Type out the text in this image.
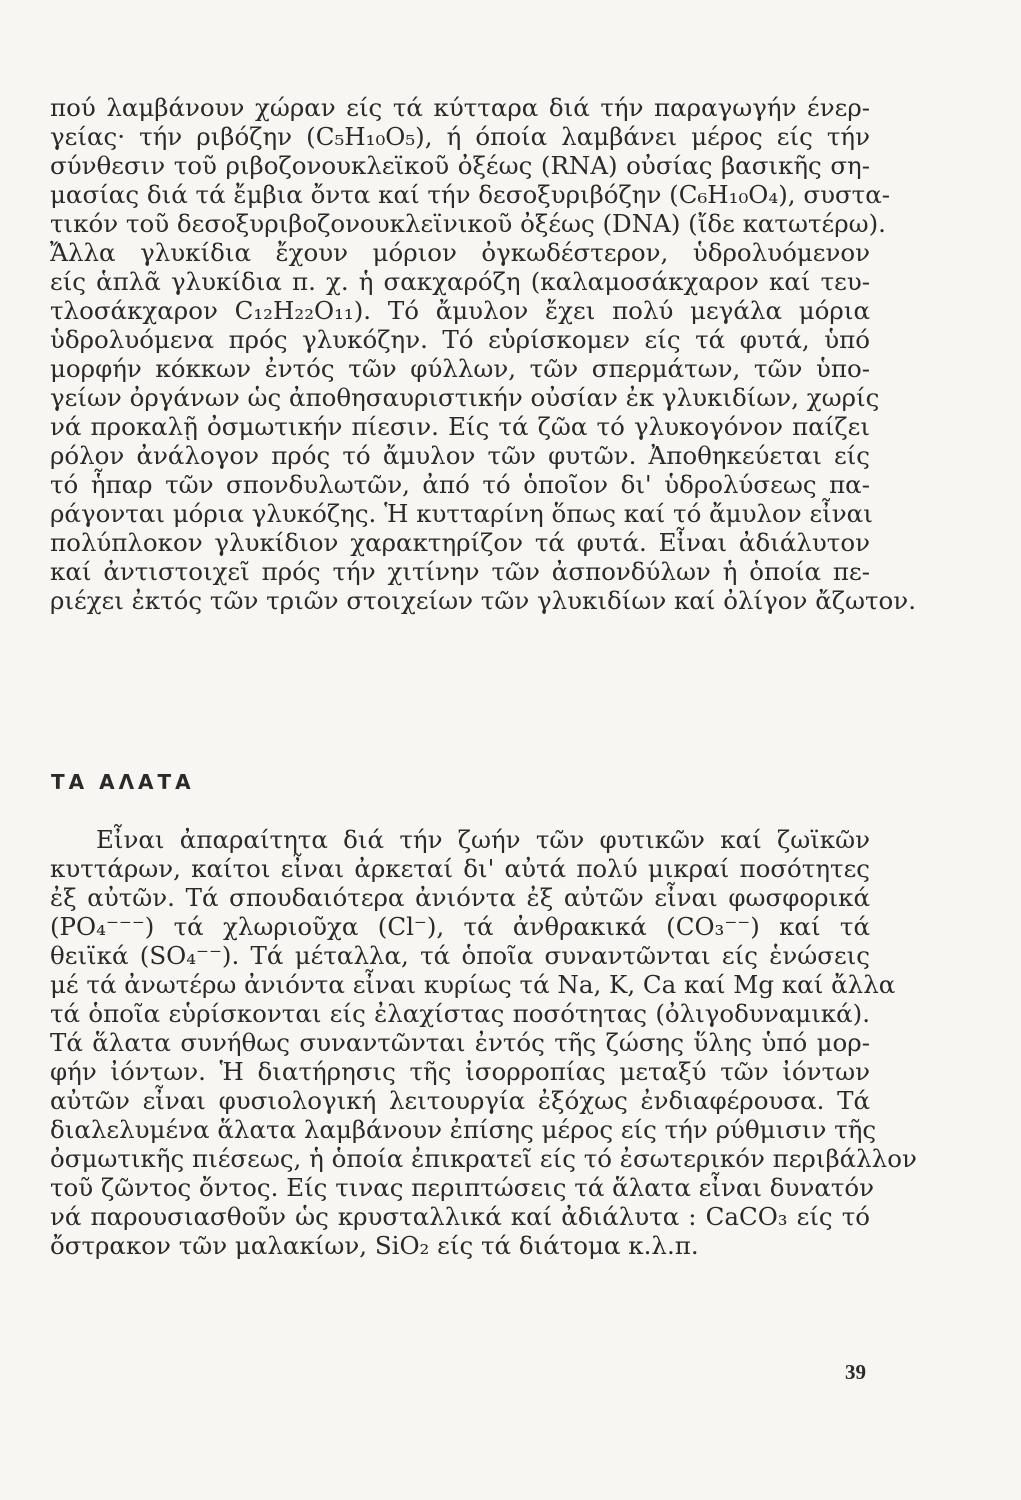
πού λαμβάνουν χώραν είς τά κύτταρα διά τήν παραγωγήν ένερ-
γείας· τήν ριβόζην (C₅H₁₀O₅), ή όποία λαμβάνει μέρος είς τήν
σύνθεσιν τοῦ ριβοζονουκλεϊκοῦ ὀξέως (RNA) οὐσίας βασικῆς ση-
μασίας διά τά ἔμβια ὄντα καί τήν δεσοξυριβόζην (C₆H₁₀O₄), συστα-
τικόν τοῦ δεσοξυριβοζονουκλεϊνικοῦ ὀξέως (DNA) (ἴδε κατωτέρω).
Ἄλλα γλυκίδια ἔχουν μόριον ὀγκωδέστερον, ὑδρολυόμενον
είς ἁπλᾶ γλυκίδια π. χ. ἡ σακχαρόζη (καλαμοσάκχαρον καί τευ-
τλοσάκχαρον C₁₂H₂₂O₁₁). Τό ἄμυλον ἔχει πολύ μεγάλα μόρια
ὑδρολυόμενα πρός γλυκόζην. Τό εὑρίσκομεν είς τά φυτά, ὑπό
μορφήν κόκκων ἐντός τῶν φύλλων, τῶν σπερμάτων, τῶν ὑπο-
γείων ὀργάνων ὡς ἀποθησαυριστικήν οὐσίαν ἐκ γλυκιδίων, χωρίς
νά προκαλῇ ὀσμωτικήν πίεσιν. Είς τά ζῶα τό γλυκογόνον παίζει
ρόλον ἀνάλογον πρός τό ἄμυλον τῶν φυτῶν. Ἀποθηκεύεται είς
τό ἧπαρ τῶν σπονδυλωτῶν, ἀπό τό ὁποῖον δι' ὑδρολύσεως πα-
ράγονται μόρια γλυκόζης. Ἡ κυτταρίνη ὅπως καί τό ἄμυλον εἶναι
πολύπλοκον γλυκίδιον χαρακτηρίζον τά φυτά. Εἶναι ἀδιάλυτον
καί ἀντιστοιχεῖ πρός τήν χιτίνην τῶν ἀσπονδύλων ἡ ὁποία πε-
ριέχει ἐκτός τῶν τριῶν στοιχείων τῶν γλυκιδίων καί ὀλίγον ἄζωτον.
ΤΑ ΑΛΑΤΑ
Εἶναι ἀπαραίτητα διά τήν ζωήν τῶν φυτικῶν καί ζωϊκῶν
κυττάρων, καίτοι εἶναι ἀρκεταί δι' αὐτά πολύ μικραί ποσότητες
ἐξ αὐτῶν. Τά σπουδαιότερα ἀνιόντα ἐξ αὐτῶν εἶναι φωσφορικά
(PO₄⁻⁻⁻) τά χλωριοῦχα (Cl⁻), τά ἀνθρακικά (CO₃⁻⁻) καί τά
θειϊκά (SO₄⁻⁻). Τά μέταλλα, τά ὁποῖα συναντῶνται είς ἑνώσεις
μέ τά ἀνωτέρω ἀνιόντα εἶναι κυρίως τά Na, K, Ca καί Mg καί ἄλλα
τά ὁποῖα εὑρίσκονται είς ἐλαχίστας ποσότητας (ὀλιγοδυναμικά).
Τά ἅλατα συνήθως συναντῶνται ἐντός τῆς ζώσης ὕλης ὑπό μορ-
φήν ἰόντων. Ἡ διατήρησις τῆς ἰσορροπίας μεταξύ τῶν ἰόντων
αὐτῶν εἶναι φυσιολογική λειτουργία ἐξόχως ἐνδιαφέρουσα. Τά
διαλελυμένα ἅλατα λαμβάνουν ἐπίσης μέρος είς τήν ρύθμισιν τῆς
ὀσμωτικῆς πιέσεως, ἡ ὁποία ἐπικρατεῖ είς τό ἐσωτερικόν περιβάλλον
τοῦ ζῶντος ὄντος. Είς τινας περιπτώσεις τά ἅλατα εἶναι δυνατόν
νά παρουσιασθοῦν ὡς κρυσταλλικά καί ἀδιάλυτα : CaCO₃ είς τό
ὄστρακον τῶν μαλακίων, SiO₂ είς τά διάτομα κ.λ.π.
39
